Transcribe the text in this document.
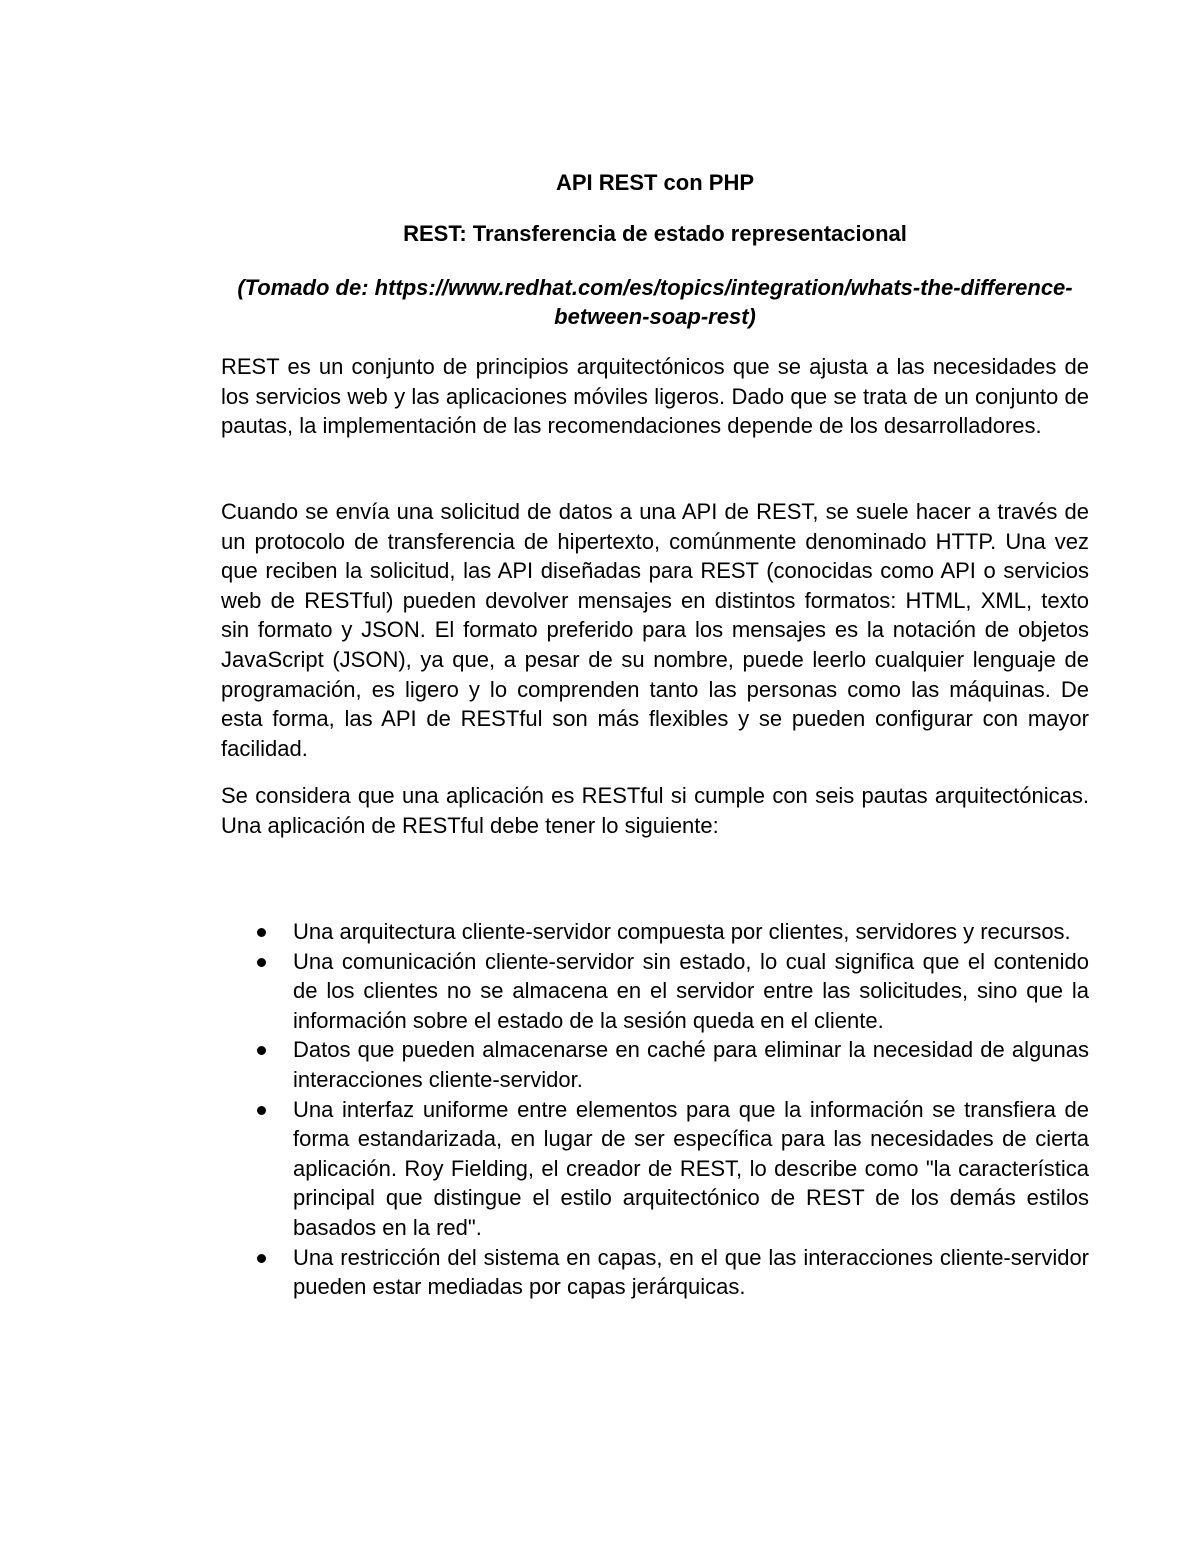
API REST con PHP
REST: Transferencia de estado representacional

(Tomado de: https://www.redhat.com/es/topics/integration/whats-the-difference-between-soap-rest)

REST es un conjunto de principios arquitectónicos que se ajusta a las necesidades de los servicios web y las aplicaciones móviles ligeros. Dado que se trata de un conjunto de pautas, la implementación de las recomendaciones depende de los desarrolladores.

Cuando se envía una solicitud de datos a una API de REST, se suele hacer a través de un protocolo de transferencia de hipertexto, comúnmente denominado HTTP. Una vez que reciben la solicitud, las API diseñadas para REST (conocidas como API o servicios web de RESTful) pueden devolver mensajes en distintos formatos: HTML, XML, texto sin formato y JSON. El formato preferido para los mensajes es la notación de objetos JavaScript (JSON), ya que, a pesar de su nombre, puede leerlo cualquier lenguaje de programación, es ligero y lo comprenden tanto las personas como las máquinas. De esta forma, las API de RESTful son más flexibles y se pueden configurar con mayor facilidad.

Se considera que una aplicación es RESTful si cumple con seis pautas arquitectónicas. Una aplicación de RESTful debe tener lo siguiente:

Una arquitectura cliente-servidor compuesta por clientes, servidores y recursos.
Una comunicación cliente-servidor sin estado, lo cual significa que el contenido de los clientes no se almacena en el servidor entre las solicitudes, sino que la información sobre el estado de la sesión queda en el cliente.
Datos que pueden almacenarse en caché para eliminar la necesidad de algunas interacciones cliente-servidor.
Una interfaz uniforme entre elementos para que la información se transfiera de forma estandarizada, en lugar de ser específica para las necesidades de cierta aplicación. Roy Fielding, el creador de REST, lo describe como "la característica principal que distingue el estilo arquitectónico de REST de los demás estilos basados en la red".
Una restricción del sistema en capas, en el que las interacciones cliente-servidor pueden estar mediadas por capas jerárquicas.
